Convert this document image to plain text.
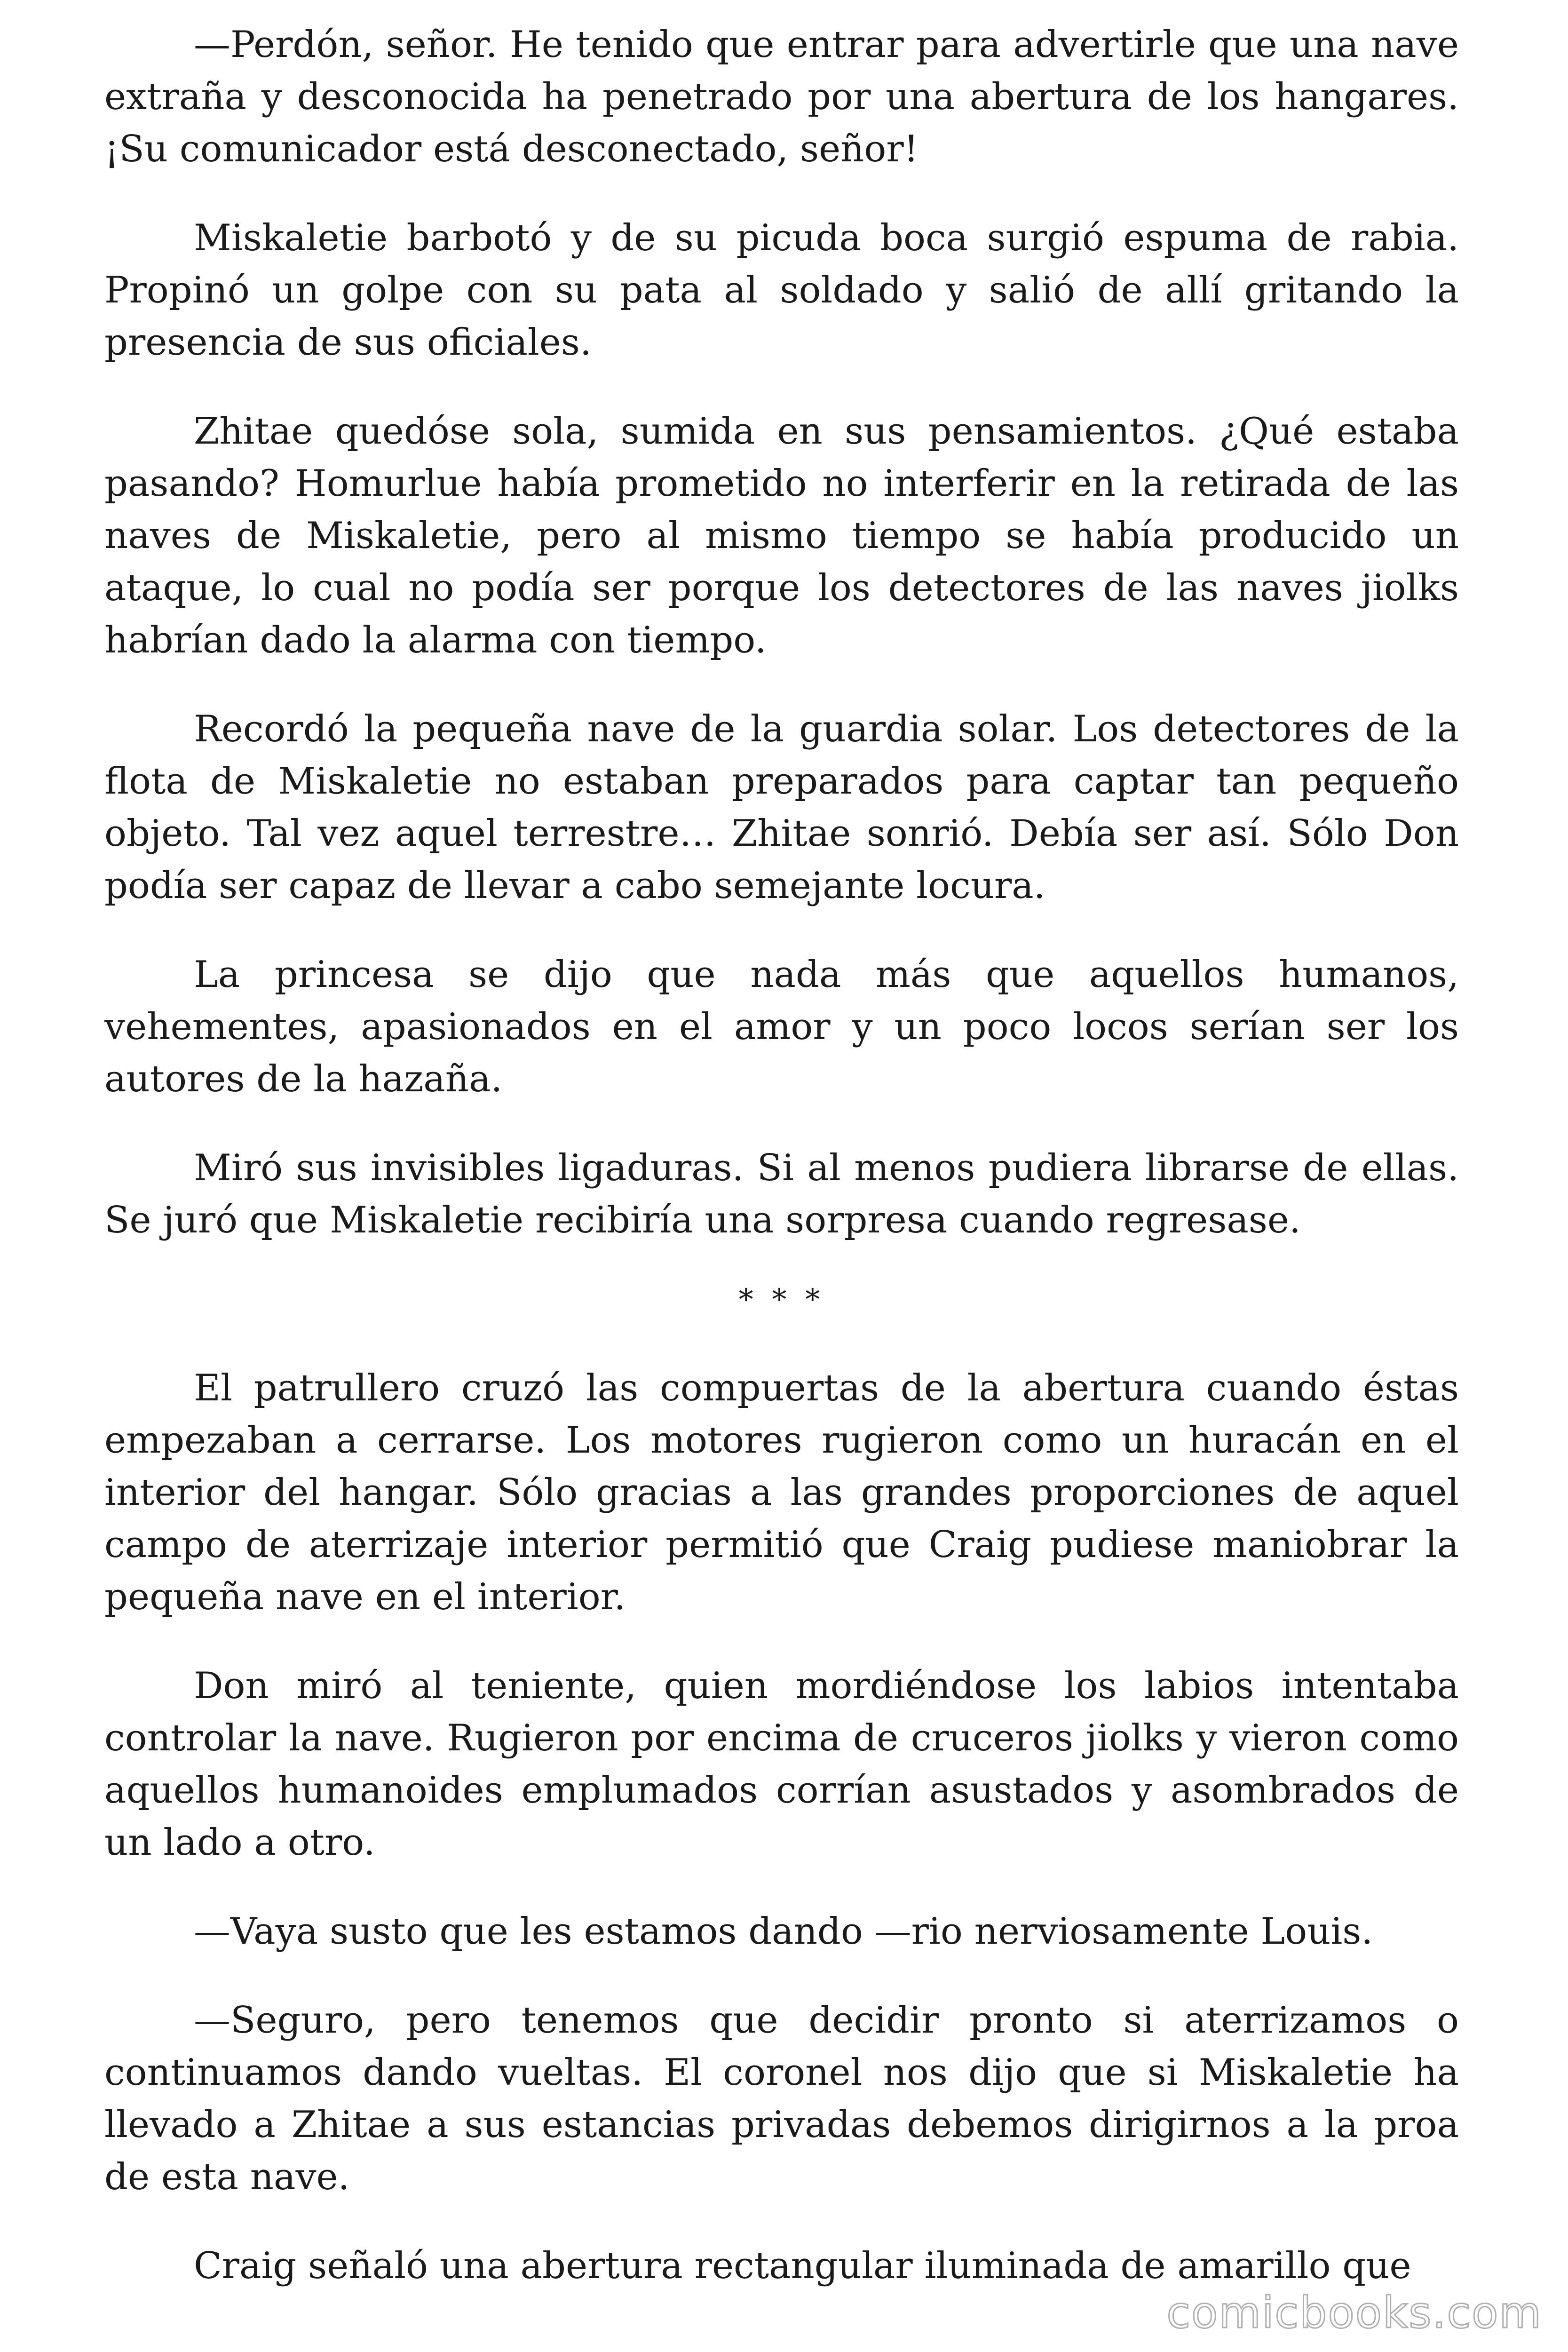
—Perdón, señor. He tenido que entrar para advertirle que una nave extraña y desconocida ha penetrado por una abertura de los hangares. ¡Su comunicador está desconectado, señor!

Miskaletie barbotó y de su picuda boca surgió espuma de rabia. Propinó un golpe con su pata al soldado y salió de allí gritando la presencia de sus oficiales.

Zhitae quedóse sola, sumida en sus pensamientos. ¿Qué estaba pasando? Homurlue había prometido no interferir en la retirada de las naves de Miskaletie, pero al mismo tiempo se había producido un ataque, lo cual no podía ser porque los detectores de las naves jiolks habrían dado la alarma con tiempo.

Recordó la pequeña nave de la guardia solar. Los detectores de la flota de Miskaletie no estaban preparados para captar tan pequeño objeto. Tal vez aquel terrestre… Zhitae sonrió. Debía ser así. Sólo Don podía ser capaz de llevar a cabo semejante locura.

La princesa se dijo que nada más que aquellos humanos, vehementes, apasionados en el amor y un poco locos serían ser los autores de la hazaña.

Miró sus invisibles ligaduras. Si al menos pudiera librarse de ellas. Se juró que Miskaletie recibiría una sorpresa cuando regresase.

* * *

El patrullero cruzó las compuertas de la abertura cuando éstas empezaban a cerrarse. Los motores rugieron como un huracán en el interior del hangar. Sólo gracias a las grandes proporciones de aquel campo de aterrizaje interior permitió que Craig pudiese maniobrar la pequeña nave en el interior.

Don miró al teniente, quien mordiéndose los labios intentaba controlar la nave. Rugieron por encima de cruceros jiolks y vieron como aquellos humanoides emplumados corrían asustados y asombrados de un lado a otro.

—Vaya susto que les estamos dando —rio nerviosamente Louis.

—Seguro, pero tenemos que decidir pronto si aterrizamos o continuamos dando vueltas. El coronel nos dijo que si Miskaletie ha llevado a Zhitae a sus estancias privadas debemos dirigirnos a la proa de esta nave.

Craig señaló una abertura rectangular iluminada de amarillo que

comicbooks.com
